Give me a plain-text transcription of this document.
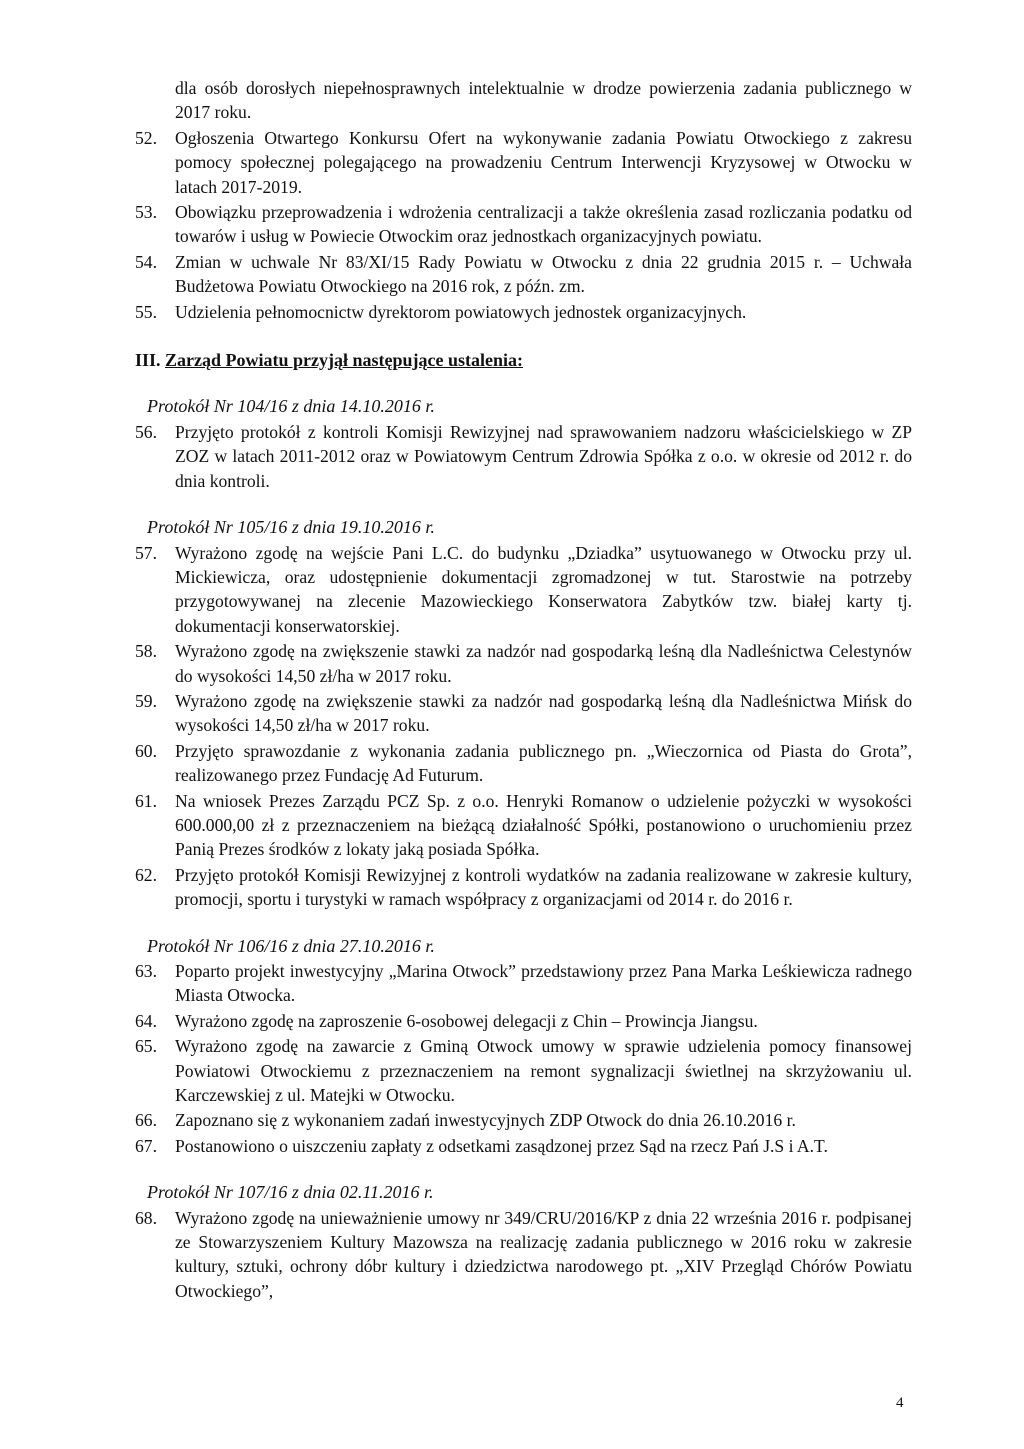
dla osób dorosłych niepełnosprawnych intelektualnie w drodze powierzenia zadania publicznego w 2017 roku.
52.	Ogłoszenia Otwartego Konkursu Ofert na wykonywanie zadania Powiatu Otwockiego z zakresu pomocy społecznej polegającego na prowadzeniu Centrum Interwencji Kryzysowej w Otwocku w latach 2017-2019.
53.	Obowiązku przeprowadzenia i wdrożenia centralizacji a także określenia zasad rozliczania podatku od towarów i usług w Powiecie Otwockim oraz jednostkach organizacyjnych powiatu.
54.	Zmian w uchwale Nr 83/XI/15 Rady Powiatu w Otwocku z dnia 22 grudnia 2015 r. – Uchwała Budżetowa Powiatu Otwockiego na 2016 rok, z późn. zm.
55.	Udzielenia pełnomocnictw dyrektorom powiatowych jednostek organizacyjnych.
III. Zarząd Powiatu przyjął następujące ustalenia:
Protokół Nr 104/16 z dnia 14.10.2016 r.
56.	Przyjęto protokół z kontroli Komisji Rewizyjnej nad sprawowaniem nadzoru właścicielskiego w ZP ZOZ w latach 2011-2012 oraz w Powiatowym Centrum Zdrowia Spółka z o.o. w okresie od 2012 r. do dnia kontroli.
Protokół Nr 105/16 z dnia 19.10.2016 r.
57.	Wyrażono zgodę na wejście Pani L.C. do budynku „Dziadka” usytuowanego w Otwocku przy ul. Mickiewicza, oraz udostępnienie dokumentacji zgromadzonej w tut. Starostwie na potrzeby przygotowywanej na zlecenie Mazowieckiego Konserwatora Zabytków tzw. białej karty tj. dokumentacji konserwatorskiej.
58.	Wyrażono zgodę na zwiększenie stawki za nadzór nad gospodarką leśną dla Nadleśnictwa Celestynów do wysokości 14,50 zł/ha w 2017 roku.
59.	Wyrażono zgodę na zwiększenie stawki za nadzór nad gospodarką leśną dla Nadleśnictwa Mińsk do wysokości 14,50 zł/ha w 2017 roku.
60.	Przyjęto sprawozdanie z wykonania zadania publicznego pn. „Wieczornica od Piasta do Grota”, realizowanego przez Fundację Ad Futurum.
61.	Na wniosek Prezes Zarządu PCZ Sp. z o.o. Henryki Romanow o udzielenie pożyczki w wysokości 600.000,00 zł z przeznaczeniem na bieżącą działalność Spółki, postanowiono o uruchomieniu przez Panią Prezes środków z lokaty jaką posiada Spółka.
62.	Przyjęto protokół Komisji Rewizyjnej z kontroli wydatków na zadania realizowane w zakresie kultury, promocji, sportu i turystyki w ramach współpracy z organizacjami od 2014 r. do 2016 r.
Protokół Nr 106/16 z dnia 27.10.2016 r.
63.	Poparto projekt inwestycyjny „Marina Otwock” przedstawiony przez Pana Marka Leśkiewicza radnego Miasta Otwocka.
64.	Wyrażono zgodę na zaproszenie 6-osobowej delegacji z Chin – Prowincja Jiangsu.
65.	Wyrażono zgodę na zawarcie z Gminą Otwock umowy w sprawie udzielenia pomocy finansowej Powiatowi Otwockiemu z przeznaczeniem na remont sygnalizacji świetlnej na skrzyżowaniu ul. Karczewskiej z ul. Matejki w Otwocku.
66.	Zapoznano się z wykonaniem zadań inwestycyjnych ZDP Otwock do dnia 26.10.2016 r.
67.	Postanowiono o uiszczeniu zapłaty z odsetkami zasądzonej przez Sąd na rzecz Pań J.S i A.T.
Protokół Nr 107/16 z dnia 02.11.2016 r.
68.	Wyrażono zgodę na unieważnienie umowy nr 349/CRU/2016/KP z dnia 22 września 2016 r. podpisanej ze Stowarzyszeniem Kultury Mazowsza na realizację zadania publicznego w 2016 roku w zakresie kultury, sztuki, ochrony dóbr kultury i dziedzictwa narodowego pt. „XIV Przegląd Chórów Powiatu Otwockiego”,
4
